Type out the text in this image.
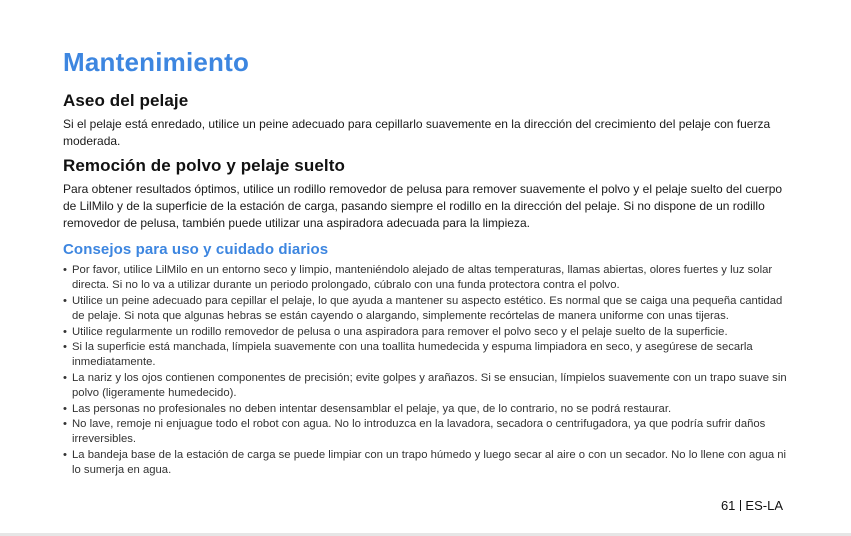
Mantenimiento
Aseo del pelaje

Si el pelaje está enredado, utilice un peine adecuado para cepillarlo suavemente en la dirección del crecimiento del pelaje con fuerza moderada.

Remoción de polvo y pelaje suelto

Para obtener resultados óptimos, utilice un rodillo removedor de pelusa para remover suavemente el polvo y el pelaje suelto del cuerpo de LilMilo y de la superficie de la estación de carga, pasando siempre el rodillo en la dirección del pelaje. Si no dispone de un rodillo removedor de pelusa, también puede utilizar una aspiradora adecuada para la limpieza.

Consejos para uso y cuidado diarios
• Por favor, utilice LilMilo en un entorno seco y limpio, manteniéndolo alejado de altas temperaturas, llamas abiertas, olores fuertes y luz solar directa. Si no lo va a utilizar durante un periodo prolongado, cúbralo con una funda protectora contra el polvo.
• Utilice un peine adecuado para cepillar el pelaje, lo que ayuda a mantener su aspecto estético. Es normal que se caiga una pequeña cantidad de pelaje. Si nota que algunas hebras se están cayendo o alargando, simplemente recórtelas de manera uniforme con unas tijeras.
• Utilice regularmente un rodillo removedor de pelusa o una aspiradora para remover el polvo seco y el pelaje suelto de la superficie.
• Si la superficie está manchada, límpiela suavemente con una toallita humedecida y espuma limpiadora en seco, y asegúrese de secarla inmediatamente.
• La nariz y los ojos contienen componentes de precisión; evite golpes y arañazos. Si se ensucian, límpielos suavemente con un trapo suave sin polvo (ligeramente humedecido).
• Las personas no profesionales no deben intentar desensamblar el pelaje, ya que, de lo contrario, no se podrá restaurar.
• No lave, remoje ni enjuague todo el robot con agua. No lo introduzca en la lavadora, secadora o centrifugadora, ya que podría sufrir daños irreversibles.
• La bandeja base de la estación de carga se puede limpiar con un trapo húmedo y luego secar al aire o con un secador. No lo llene con agua ni lo sumerja en agua.
61 ES-LA
